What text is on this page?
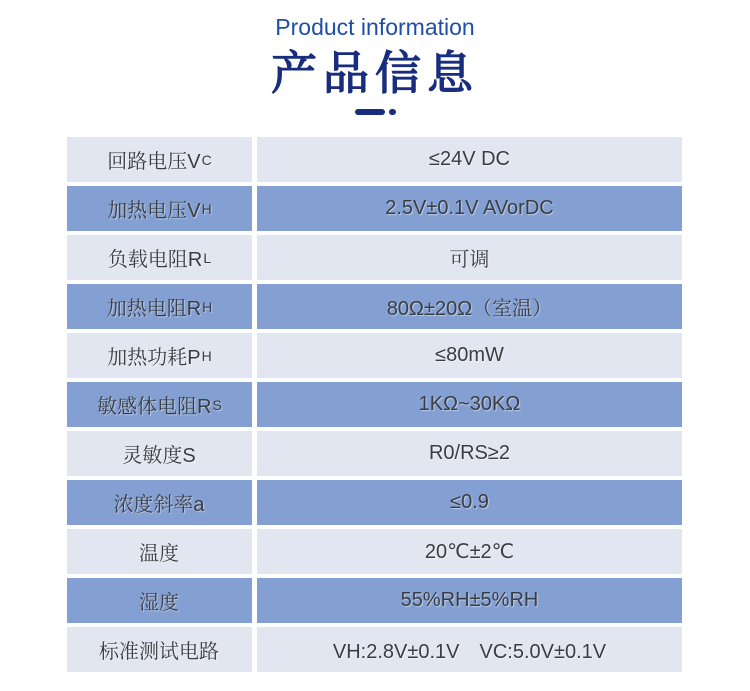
Product information
产品信息
回路电压V C	≤24V DC
加热电压V H	2.5V±0.1V AVorDC
负载电阻R L	可调
加热电阻R H	80Ω±20Ω（室温）
加热功耗P H	≤80mW
敏感体电阻R S	1KΩ~30KΩ
灵敏度S	R0/RS≥2
浓度斜率a	≤0.9
温度	20℃±2℃
湿度	55%RH±5%RH
标准测试电路	VH:2.8V±0.1V　VC:5.0V±0.1V
